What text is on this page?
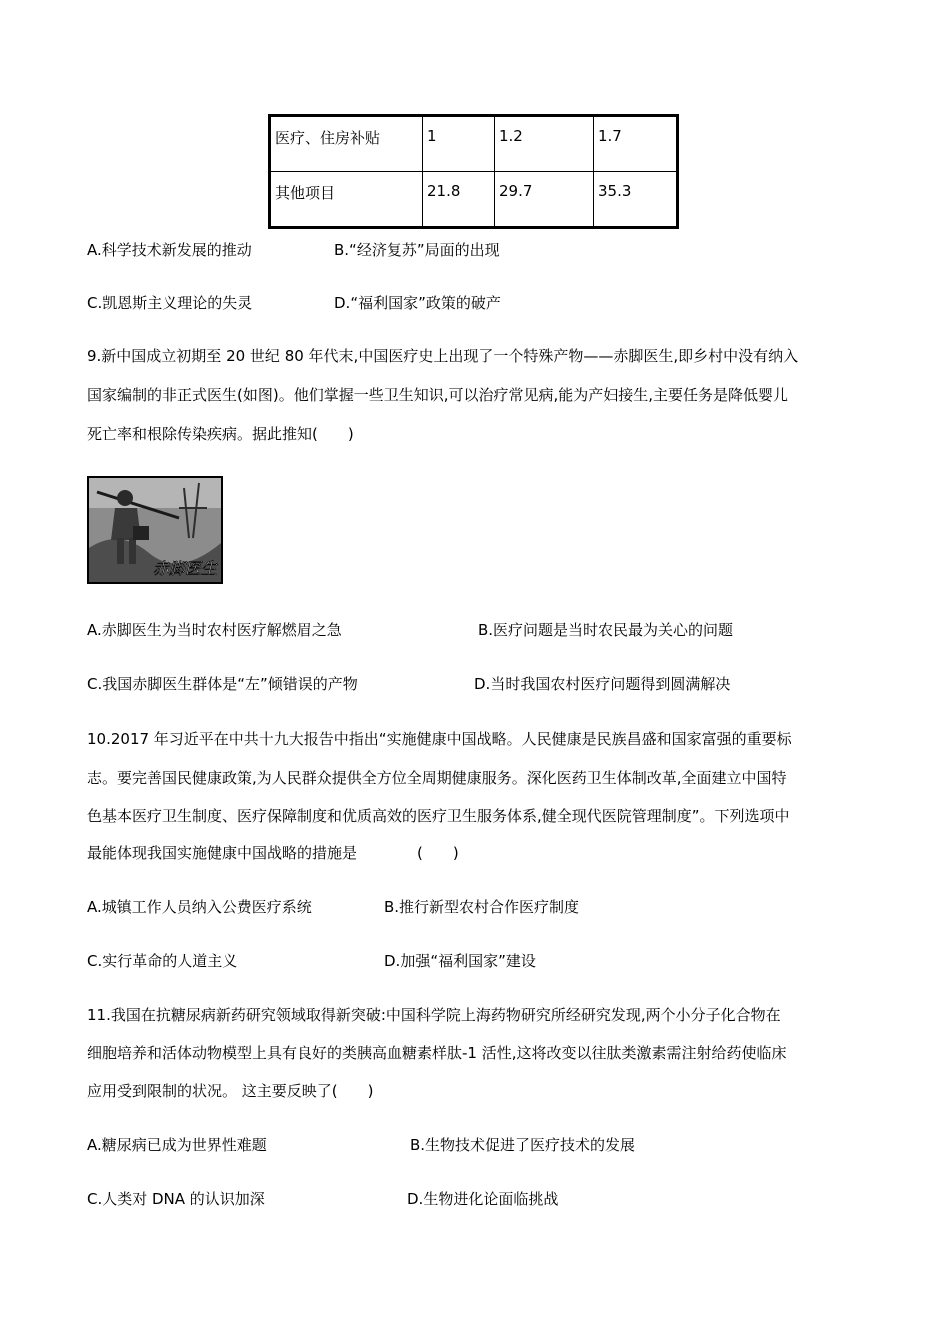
医疗、住房补贴	1	1.2	1.7
其他项目	21.8	29.7	35.3
A.科学技术新发展的推动	B.“经济复苏”局面的出现
C.凯恩斯主义理论的失灵	D.“福利国家”政策的破产
9.新中国成立初期至 20 世纪 80 年代末,中国医疗史上出现了一个特殊产物——赤脚医生,即乡村中没有纳入
国家编制的非正式医生(如图)。他们掌握一些卫生知识,可以治疗常见病,能为产妇接生,主要任务是降低婴儿
死亡率和根除传染疾病。据此推知(　　)
赤脚医生
A.赤脚医生为当时农村医疗解燃眉之急	B.医疗问题是当时农民最为关心的问题
C.我国赤脚医生群体是“左”倾错误的产物	D.当时我国农村医疗问题得到圆满解决
10.2017 年习近平在中共十九大报告中指出“实施健康中国战略。人民健康是民族昌盛和国家富强的重要标
志。要完善国民健康政策,为人民群众提供全方位全周期健康服务。深化医药卫生体制改革,全面建立中国特
色基本医疗卫生制度、医疗保障制度和优质高效的医疗卫生服务体系,健全现代医院管理制度”。下列选项中
最能体现我国实施健康中国战略的措施是　　　　(　　)
A.城镇工作人员纳入公费医疗系统	B.推行新型农村合作医疗制度
C.实行革命的人道主义	D.加强“福利国家”建设
11.我国在抗糖尿病新药研究领域取得新突破:中国科学院上海药物研究所经研究发现,两个小分子化合物在
细胞培养和活体动物模型上具有良好的类胰高血糖素样肽-1 活性,这将改变以往肽类激素需注射给药使临床
应用受到限制的状况。 这主要反映了(　　)
A.糖尿病已成为世界性难题	B.生物技术促进了医疗技术的发展
C.人类对 DNA 的认识加深	D.生物进化论面临挑战
